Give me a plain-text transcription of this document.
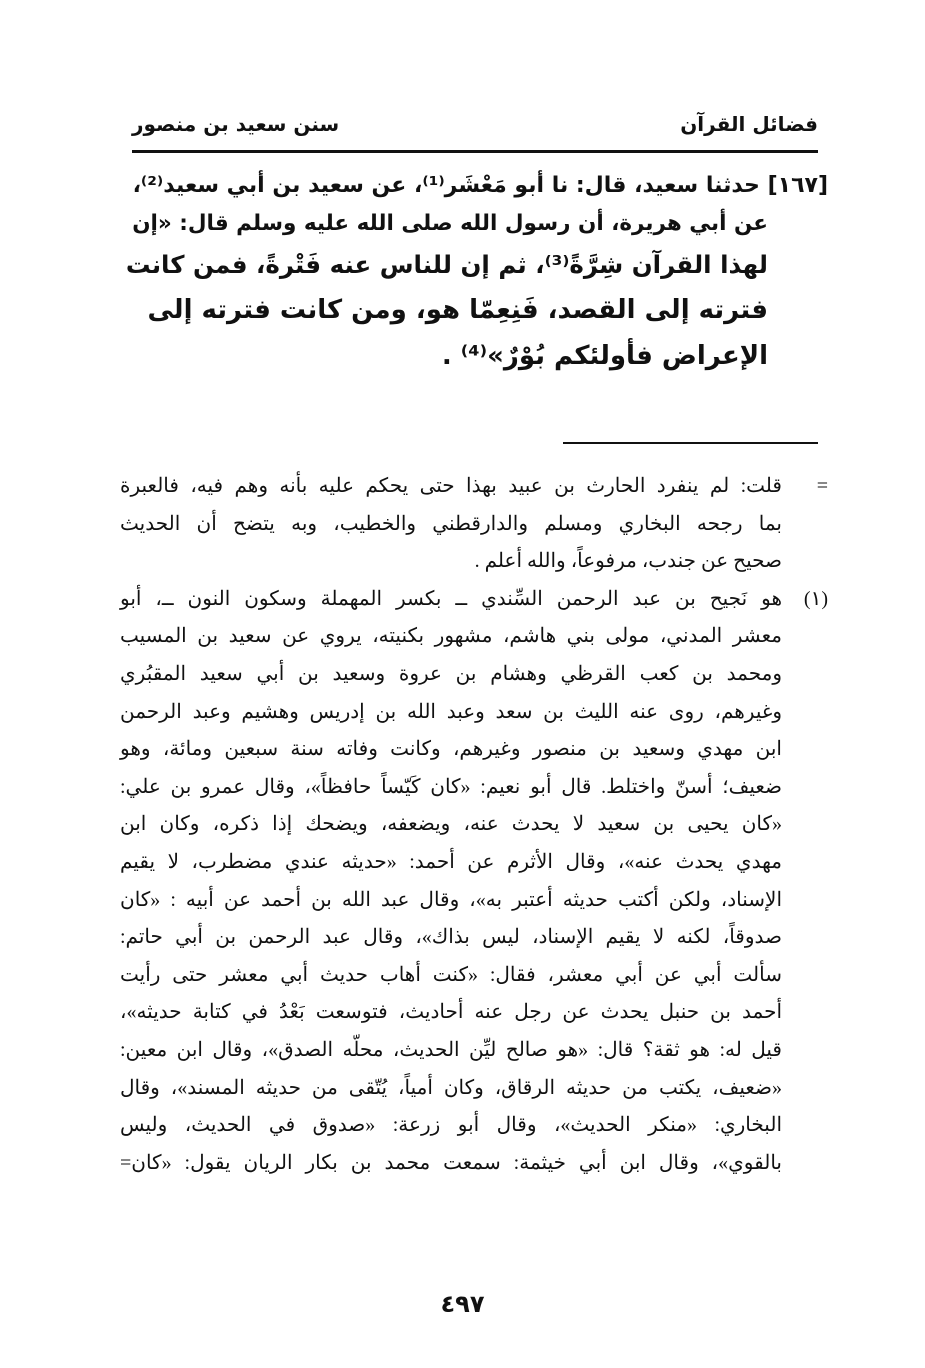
فضائل القرآن
سنن سعيد بن منصور
[١٦٧] حدثنا سعيد، قال: نا أبو مَعْشَر⁽¹⁾، عن سعيد بن أبي سعيد⁽²⁾،
عن أبي هريرة، أن رسول الله صلى الله عليه وسلم قال: «إن
لهذا القرآن شِرَّةً⁽³⁾، ثم إن للناس عنه فَتْرةً، فمن كانت
فترته إلى القصد، فَنِعِمّا هو، ومن كانت فترته إلى
الإعراض فأولئكم بُوْرٌ»⁽⁴⁾ .
=
قلت: لم ينفرد الحارث بن عبيد بهذا حتى يحكم عليه بأنه وهم فيه، فالعبرة
بما رجحه البخاري ومسلم والدارقطني والخطيب، وبه يتضح أن الحديث
صحيح عن جندب، مرفوعاً، والله أعلم .
(١)
هو نَجيح بن عبد الرحمن السِّندي ــ بكسر المهملة وسكون النون ــ، أبو
معشر المدني، مولى بني هاشم، مشهور بكنيته، يروي عن سعيد بن المسيب
ومحمد بن كعب القرظي وهشام بن عروة وسعيد بن أبي سعيد المقبُري
وغيرهم، روى عنه الليث بن سعد وعبد الله بن إدريس وهشيم وعبد الرحمن
ابن مهدي وسعيد بن منصور وغيرهم، وكانت وفاته سنة سبعين ومائة، وهو
ضعيف؛ أسنّ واختلط. قال أبو نعيم: «كان كَيّساً حافظاً»، وقال عمرو بن علي:
«كان يحيى بن سعيد لا يحدث عنه، ويضعفه، ويضحك إذا ذكره، وكان ابن
مهدي يحدث عنه»، وقال الأثرم عن أحمد: «حديثه عندي مضطرب، لا يقيم
الإسناد، ولكن أكتب حديثه أعتبر به»، وقال عبد الله بن أحمد عن أبيه : «كان
صدوقاً، لكنه لا يقيم الإسناد، ليس بذاك»، وقال عبد الرحمن بن أبي حاتم:
سألت أبي عن أبي معشر، فقال: «كنت أهاب حديث أبي معشر حتى رأيت
أحمد بن حنبل يحدث عن رجل عنه أحاديث، فتوسعت بَعْدُ في كتابة حديثه»،
قيل له: هو ثقة؟ قال: «هو صالح ليِّن الحديث، محلّه الصدق»، وقال ابن معين:
«ضعيف، يكتب من حديثه الرقاق، وكان أمياً، يُتّقى من حديثه المسند»، وقال
البخاري: «منكر الحديث»، وقال أبو زرعة: «صدوق في الحديث، وليس
بالقوي»، وقال ابن أبي خيثمة: سمعت محمد بن بكار الريان يقول: «كان=
٤٩٧
